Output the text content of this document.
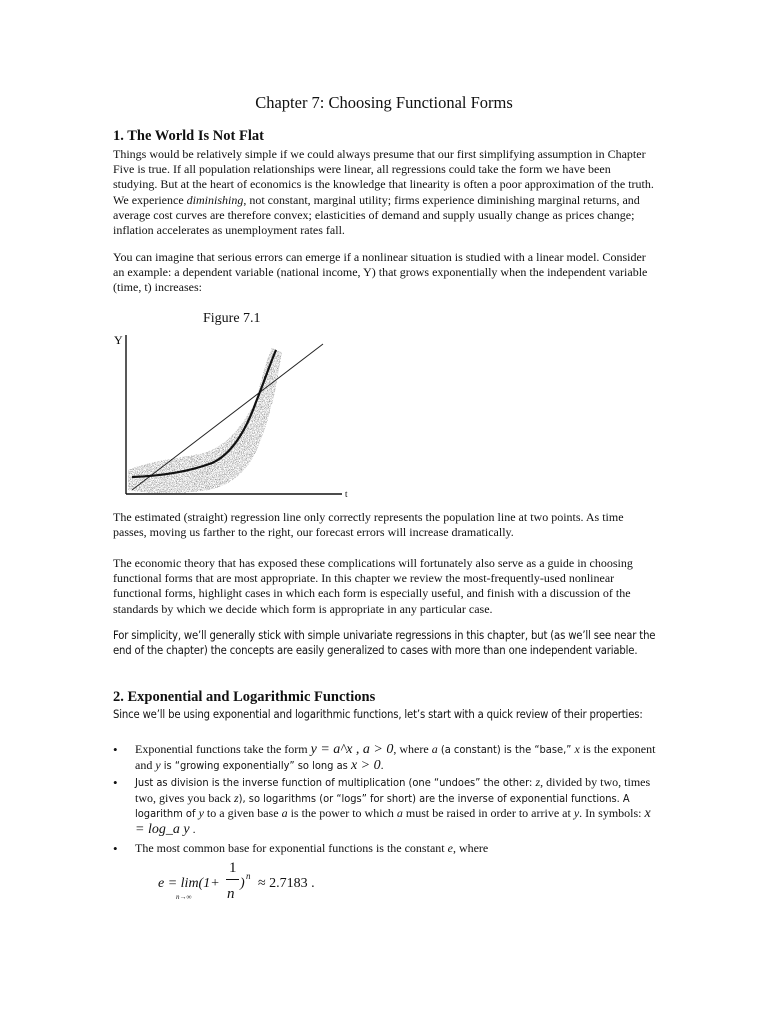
Chapter 7: Choosing Functional Forms
1. The World Is Not Flat

Things would be relatively simple if we could always presume that our first simplifying assumption in Chapter Five is true. If all population relationships were linear, all regressions could take the form we have been studying. But at the heart of economics is the knowledge that linearity is often a poor approximation of the truth. We experience diminishing, not constant, marginal utility; firms experience diminishing marginal returns, and average cost curves are therefore convex; elasticities of demand and supply usually change as prices change; inflation accelerates as unemployment rates fall.

You can imagine that serious errors can emerge if a nonlinear situation is studied with a linear model. Consider an example: a dependent variable (national income, Y) that grows exponentially when the independent variable (time, t) increases:

Figure 7.1

Y
t

The estimated (straight) regression line only correctly represents the population line at two points. As time passes, moving us farther to the right, our forecast errors will increase dramatically.

The economic theory that has exposed these complications will fortunately also serve as a guide in choosing functional forms that are most appropriate. In this chapter we review the most-frequently-used nonlinear functional forms, highlight cases in which each form is especially useful, and finish with a discussion of the standards by which we decide which form is appropriate in any particular case.

For simplicity, we’ll generally stick with simple univariate regressions in this chapter, but (as we’ll see near the end of the chapter) the concepts are easily generalized to cases with more than one independent variable.

2. Exponential and Logarithmic Functions

Since we’ll be using exponential and logarithmic functions, let’s start with a quick review of their properties:

• Exponential functions take the form y = a^x , a > 0, where a (a constant) is the “base,” x is the exponent and y is “growing exponentially” so long as x > 0.
• Just as division is the inverse function of multiplication (one “undoes” the other: z, divided by two, times two, gives you back z), so logarithms (or “logs” for short) are the inverse of exponential functions. A logarithm of y to a given base a is the power to which a must be raised in order to arrive at y. In symbols: x = log_a y .
• The most common base for exponential functions is the constant e, where
e = lim(1+
n→∞
1
n
) n ≈ 2.7183 .
